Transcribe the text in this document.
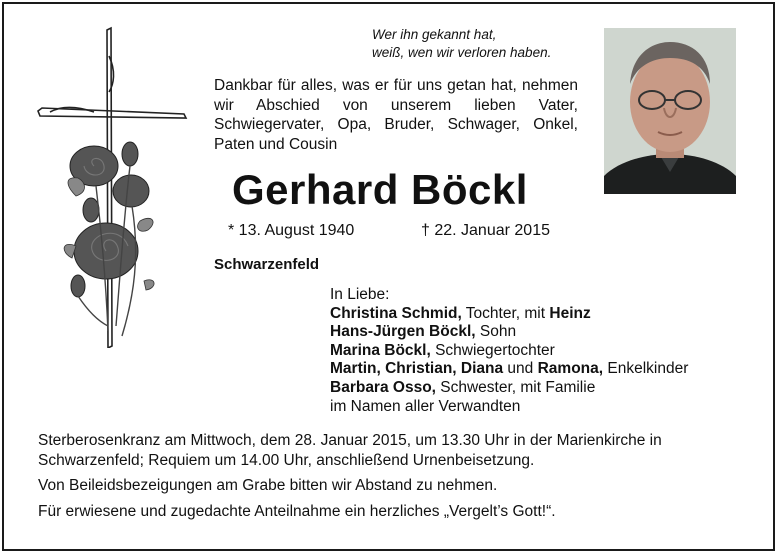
Wer ihn gekannt hat,
weiß, wen wir verloren haben.
Dankbar für alles, was er für uns getan hat, nehmen wir Abschied von unserem lieben Vater, Schwiegervater, Opa, Bruder, Schwager, Onkel, Paten und Cousin
Gerhard Böckl
* 13. August 1940	† 22. Januar 2015
Schwarzenfeld
In Liebe:
Christina Schmid, Tochter, mit Heinz
Hans-Jürgen Böckl, Sohn
Marina Böckl, Schwiegertochter
Martin, Christian, Diana und Ramona, Enkelkinder
Barbara Osso, Schwester, mit Familie
im Namen aller Verwandten
Sterberosenkranz am Mittwoch, dem 28. Januar 2015, um 13.30 Uhr in der Marienkirche in Schwarzenfeld; Requiem um 14.00 Uhr, anschließend Urnenbeisetzung.
Von Beileidsbezeigungen am Grabe bitten wir Abstand zu nehmen.
Für erwiesene und zugedachte Anteilnahme ein herzliches „Vergelt’s Gott!“.
